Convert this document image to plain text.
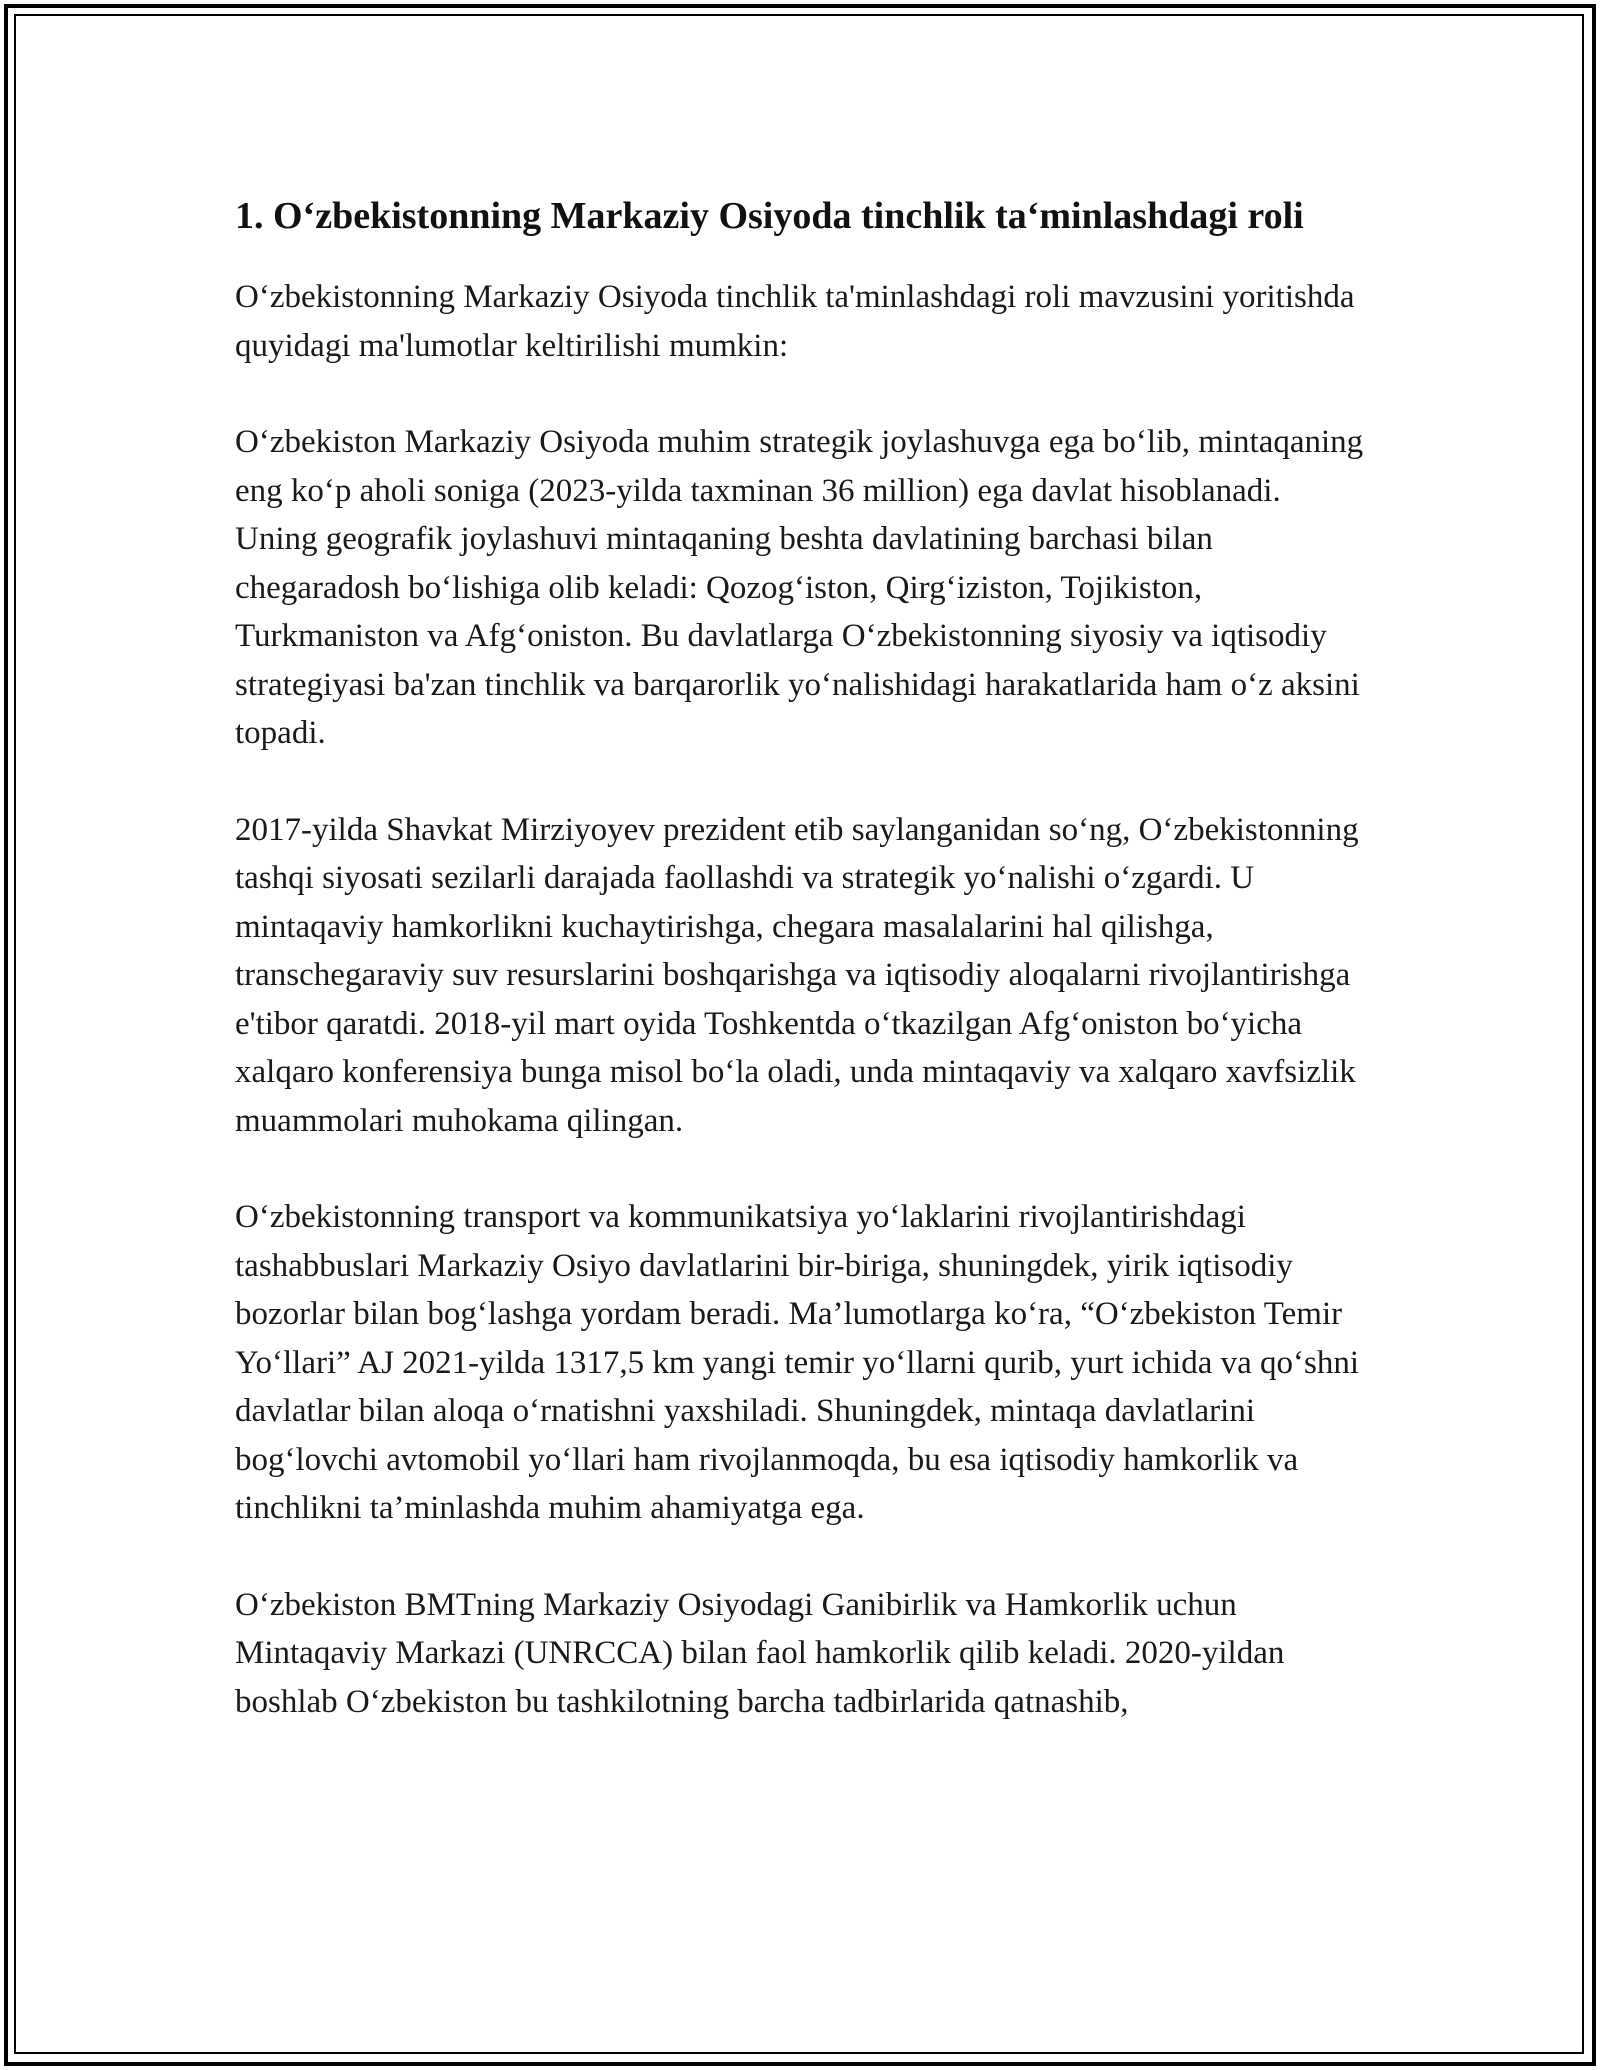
1. O‘zbekistonning Markaziy Osiyoda tinchlik ta‘minlashdagi roli

O‘zbekistonning Markaziy Osiyoda tinchlik ta'minlashdagi roli mavzusini yoritishda quyidagi ma'lumotlar keltirilishi mumkin:

O‘zbekiston Markaziy Osiyoda muhim strategik joylashuvga ega bo‘lib, mintaqaning eng ko‘p aholi soniga (2023-yilda taxminan 36 million) ega davlat hisoblanadi. Uning geografik joylashuvi mintaqaning beshta davlatining barchasi bilan chegaradosh bo‘lishiga olib keladi: Qozog‘iston, Qirg‘iziston, Tojikiston, Turkmaniston va Afg‘oniston. Bu davlatlarga O‘zbekistonning siyosiy va iqtisodiy strategiyasi ba'zan tinchlik va barqarorlik yo‘nalishidagi harakatlarida ham o‘z aksini topadi.

2017-yilda Shavkat Mirziyoyev prezident etib saylanganidan so‘ng, O‘zbekistonning tashqi siyosati sezilarli darajada faollashdi va strategik yo‘nalishi o‘zgardi. U mintaqaviy hamkorlikni kuchaytirishga, chegara masalalarini hal qilishga, transchegaraviy suv resurslarini boshqarishga va iqtisodiy aloqalarni rivojlantirishga e'tibor qaratdi. 2018-yil mart oyida Toshkentda o‘tkazilgan Afg‘oniston bo‘yicha xalqaro konferensiya bunga misol bo‘la oladi, unda mintaqaviy va xalqaro xavfsizlik muammolari muhokama qilingan.

O‘zbekistonning transport va kommunikatsiya yo‘laklarini rivojlantirishdagi tashabbuslari Markaziy Osiyo davlatlarini bir-biriga, shuningdek, yirik iqtisodiy bozorlar bilan bog‘lashga yordam beradi. Ma’lumotlarga ko‘ra, “O‘zbekiston Temir Yo‘llari” AJ 2021-yilda 1317,5 km yangi temir yo‘llarni qurib, yurt ichida va qo‘shni davlatlar bilan aloqa o‘rnatishni yaxshiladi. Shuningdek, mintaqa davlatlarini bog‘lovchi avtomobil yo‘llari ham rivojlanmoqda, bu esa iqtisodiy hamkorlik va tinchlikni ta’minlashda muhim ahamiyatga ega.

O‘zbekiston BMTning Markaziy Osiyodagi Ganibirlik va Hamkorlik uchun Mintaqaviy Markazi (UNRCCA) bilan faol hamkorlik qilib keladi. 2020-yildan boshlab O‘zbekiston bu tashkilotning barcha tadbirlarida qatnashib,
